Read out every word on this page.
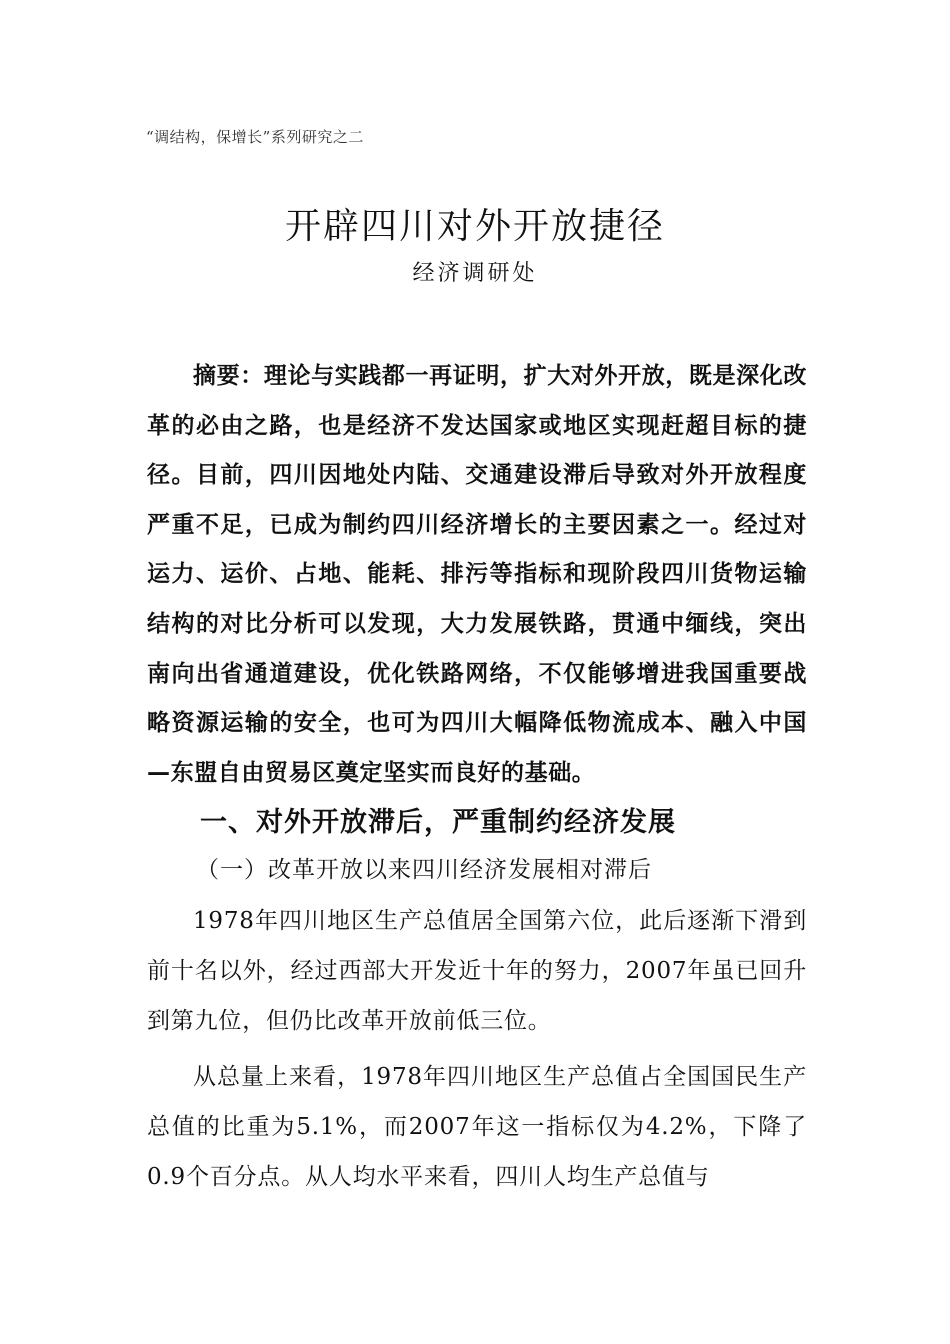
“调结构，保增长”系列研究之二
开辟四川对外开放捷径
经济调研处

摘要：理论与实践都一再证明，扩大对外开放，既是深化改革的必由之路，也是经济不发达国家或地区实现赶超目标的捷径。目前，四川因地处内陆、交通建设滞后导致对外开放程度严重不足，已成为制约四川经济增长的主要因素之一。经过对运力、运价、占地、能耗、排污等指标和现阶段四川货物运输结构的对比分析可以发现，大力发展铁路，贯通中缅线，突出南向出省通道建设，优化铁路网络，不仅能够增进我国重要战略资源运输的安全，也可为四川大幅降低物流成本、融入中国—东盟自由贸易区奠定坚实而良好的基础。

一、对外开放滞后，严重制约经济发展
（一）改革开放以来四川经济发展相对滞后

1978年四川地区生产总值居全国第六位，此后逐渐下滑到前十名以外，经过西部大开发近十年的努力，2007年虽已回升到第九位，但仍比改革开放前低三位。

从总量上来看，1978年四川地区生产总值占全国国民生产总值的比重为5.1%，而2007年这一指标仅为4.2%，下降了0.9个百分点。从人均水平来看，四川人均生产总值与
